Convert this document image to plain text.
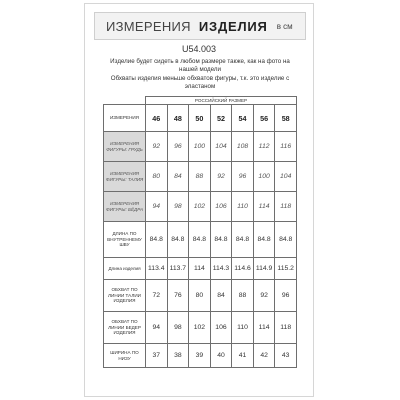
ИЗМЕРЕНИЯ ИЗДЕЛИЯ в см
U54.003
Изделие будет сидеть в любом размере также, как на фото на нашей модели
Обхваты изделия меньше обхватов фигуры, т.к. это изделие с эластаном
	РОССИЙСКИЙ РАЗМЕР						
ИЗМЕРЕНИЯ	46	48	50	52	54	56	58
ИЗМЕРЕНИЯ ФИГУРЫ: ГРУДЬ	92	96	100	104	108	112	116
ИЗМЕРЕНИЯ ФИГУРЫ: ТАЛИЯ	80	84	88	92	96	100	104
ИЗМЕРЕНИЯ ФИГУРЫ: БЁДРА	94	98	102	106	110	114	118
ДЛИНА ПО ВНУТРЕННЕМУ ШВУ	84.8	84.8	84.8	84.8	84.8	84.8	84.8
Длина изделия	113.4	113.7	114	114.3	114.6	114.9	115.2
ОБХВАТ ПО ЛИНИИ ТАЛИИ ИЗДЕЛИЯ	72	76	80	84	88	92	96
ОБХВАТ ПО ЛИНИИ БЕДЕР ИЗДЕЛИЯ	94	98	102	106	110	114	118
ШИРИНА ПО НИЗУ	37	38	39	40	41	42	43
